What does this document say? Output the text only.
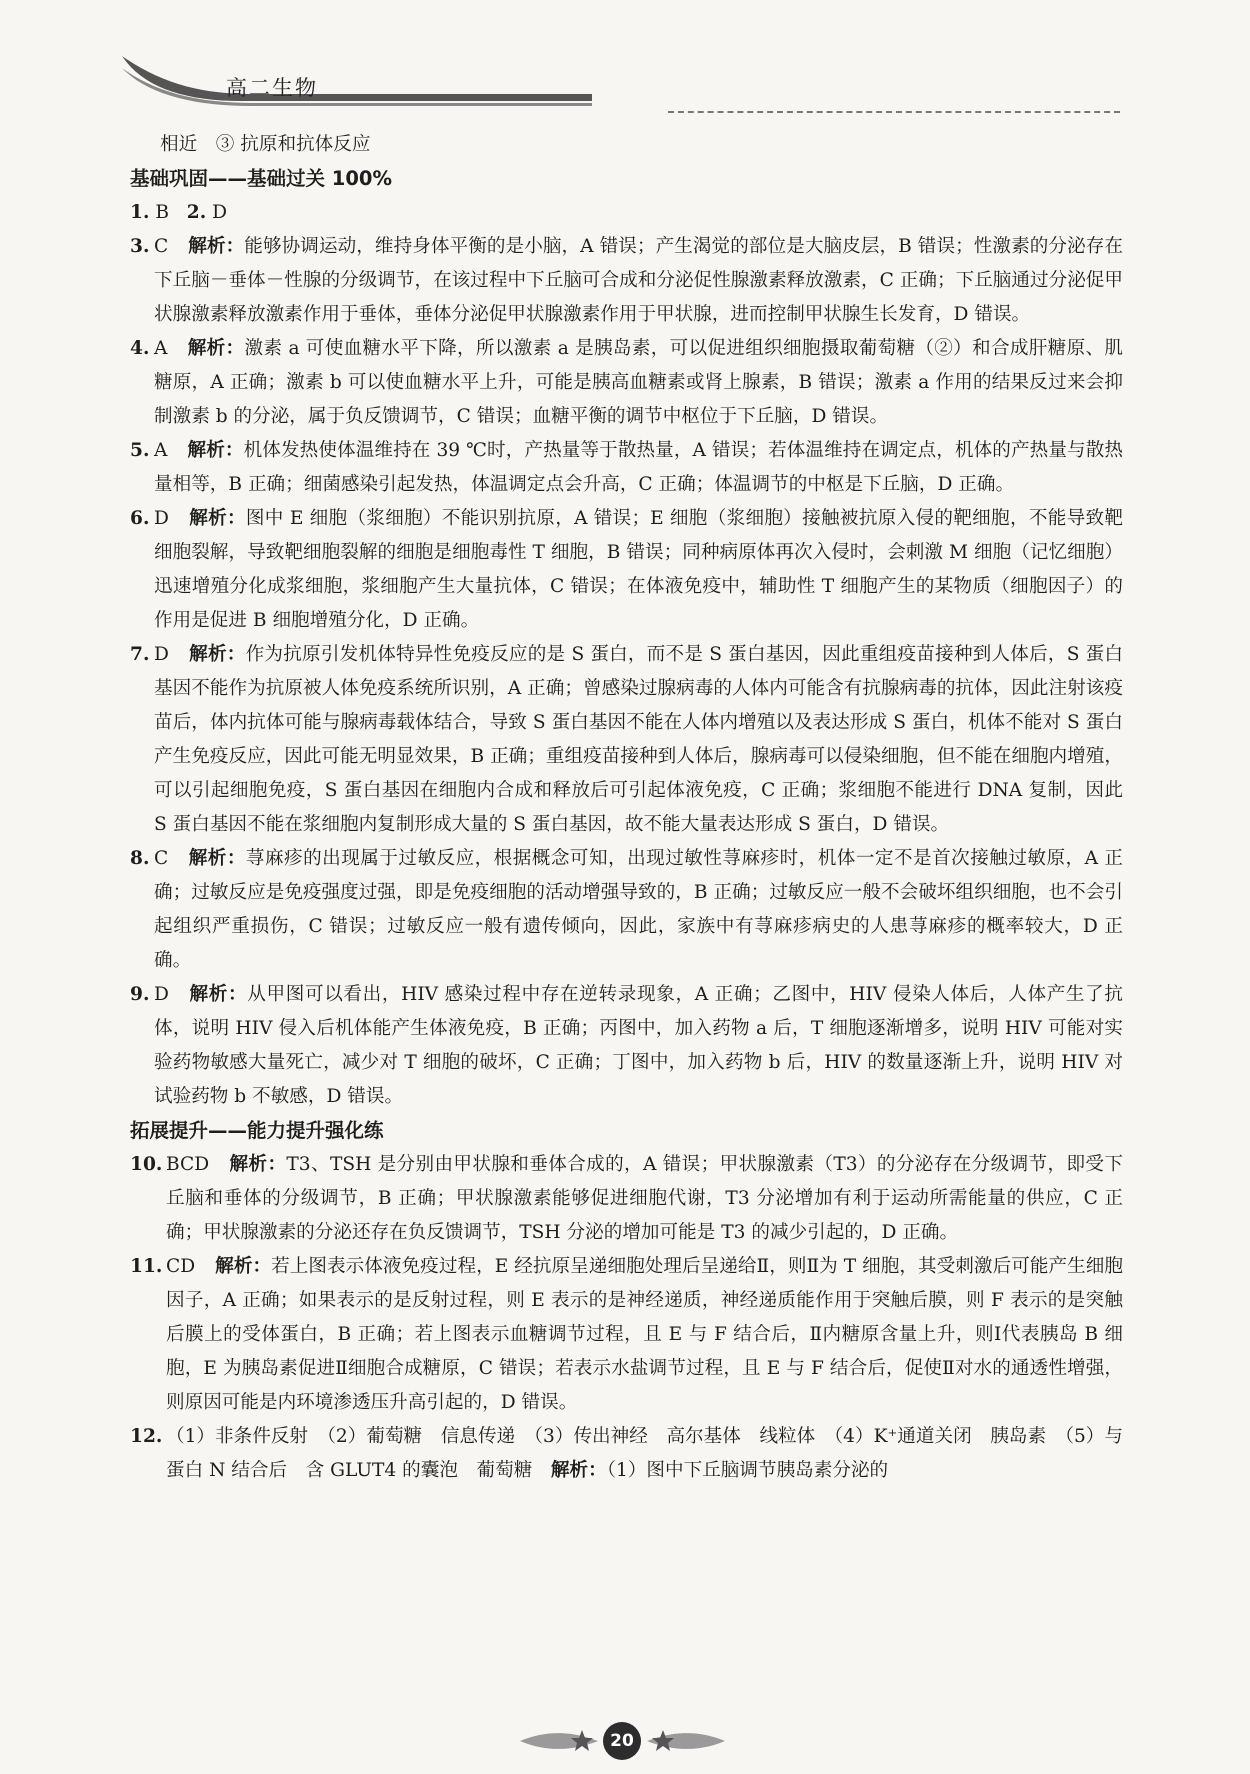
高二生物
相近　③ 抗原和抗体反应
基础巩固——基础过关 100%
1.
B
2.
D
3. C 解析：能够协调运动，维持身体平衡的是小脑，A 错误；产生渴觉的部位是大脑皮层，B 错误；性激素的分泌存在下丘脑－垂体－性腺的分级调节，在该过程中下丘脑可合成和分泌促性腺激素释放激素，C 正确；下丘脑通过分泌促甲状腺激素释放激素作用于垂体，垂体分泌促甲状腺激素作用于甲状腺，进而控制甲状腺生长发育，D 错误。
4. A 解析：激素 a 可使血糖水平下降，所以激素 a 是胰岛素，可以促进组织细胞摄取葡萄糖（②）和合成肝糖原、肌糖原，A 正确；激素 b 可以使血糖水平上升，可能是胰高血糖素或肾上腺素，B 错误；激素 a 作用的结果反过来会抑制激素 b 的分泌，属于负反馈调节，C 错误；血糖平衡的调节中枢位于下丘脑，D 错误。
5. A 解析：机体发热使体温维持在 39 ℃时，产热量等于散热量，A 错误；若体温维持在调定点，机体的产热量与散热量相等，B 正确；细菌感染引起发热，体温调定点会升高，C 正确；体温调节的中枢是下丘脑，D 正确。
6. D 解析：图中 E 细胞（浆细胞）不能识别抗原，A 错误；E 细胞（浆细胞）接触被抗原入侵的靶细胞，不能导致靶细胞裂解，导致靶细胞裂解的细胞是细胞毒性 T 细胞，B 错误；同种病原体再次入侵时，会刺激 M 细胞（记忆细胞）迅速增殖分化成浆细胞，浆细胞产生大量抗体，C 错误；在体液免疫中，辅助性 T 细胞产生的某物质（细胞因子）的作用是促进 B 细胞增殖分化，D 正确。
7. D 解析：作为抗原引发机体特异性免疫反应的是 S 蛋白，而不是 S 蛋白基因，因此重组疫苗接种到人体后，S 蛋白基因不能作为抗原被人体免疫系统所识别，A 正确；曾感染过腺病毒的人体内可能含有抗腺病毒的抗体，因此注射该疫苗后，体内抗体可能与腺病毒载体结合，导致 S 蛋白基因不能在人体内增殖以及表达形成 S 蛋白，机体不能对 S 蛋白产生免疫反应，因此可能无明显效果，B 正确；重组疫苗接种到人体后，腺病毒可以侵染细胞，但不能在细胞内增殖，可以引起细胞免疫，S 蛋白基因在细胞内合成和释放后可引起体液免疫，C 正确；浆细胞不能进行 DNA 复制，因此 S 蛋白基因不能在浆细胞内复制形成大量的 S 蛋白基因，故不能大量表达形成 S 蛋白，D 错误。
8. C 解析：荨麻疹的出现属于过敏反应，根据概念可知，出现过敏性荨麻疹时，机体一定不是首次接触过敏原，A 正确；过敏反应是免疫强度过强，即是免疫细胞的活动增强导致的，B 正确；过敏反应一般不会破坏组织细胞，也不会引起组织严重损伤，C 错误；过敏反应一般有遗传倾向，因此，家族中有荨麻疹病史的人患荨麻疹的概率较大，D 正确。
9. D 解析：从甲图可以看出，HIV 感染过程中存在逆转录现象，A 正确；乙图中，HIV 侵染人体后，人体产生了抗体，说明 HIV 侵入后机体能产生体液免疫，B 正确；丙图中，加入药物 a 后，T 细胞逐渐增多，说明 HIV 可能对实验药物敏感大量死亡，减少对 T 细胞的破坏，C 正确；丁图中，加入药物 b 后，HIV 的数量逐渐上升，说明 HIV 对试验药物 b 不敏感，D 错误。
拓展提升——能力提升强化练
10. BCD 解析：T3、TSH 是分别由甲状腺和垂体合成的，A 错误；甲状腺激素（T3）的分泌存在分级调节，即受下丘脑和垂体的分级调节，B 正确；甲状腺激素能够促进细胞代谢，T3 分泌增加有利于运动所需能量的供应，C 正确；甲状腺激素的分泌还存在负反馈调节，TSH 分泌的增加可能是 T3 的减少引起的，D 正确。
11. CD 解析：若上图表示体液免疫过程，E 经抗原呈递细胞处理后呈递给Ⅱ，则Ⅱ为 T 细胞，其受刺激后可能产生细胞因子，A 正确；如果表示的是反射过程，则 E 表示的是神经递质，神经递质能作用于突触后膜，则 F 表示的是突触后膜上的受体蛋白，B 正确；若上图表示血糖调节过程，且 E 与 F 结合后，Ⅱ内糖原含量上升，则Ⅰ代表胰岛 B 细胞，E 为胰岛素促进Ⅱ细胞合成糖原，C 错误；若表示水盐调节过程，且 E 与 F 结合后，促使Ⅱ对水的通透性增强，则原因可能是内环境渗透压升高引起的，D 错误。
12. （1）非条件反射　（2）葡萄糖　信息传递　（3）传出神经　高尔基体　线粒体　（4）K⁺通道关闭　胰岛素　（5）与蛋白 N 结合后　含 GLUT4 的囊泡　葡萄糖　解析：（1）图中下丘脑调节胰岛素分泌的
20
